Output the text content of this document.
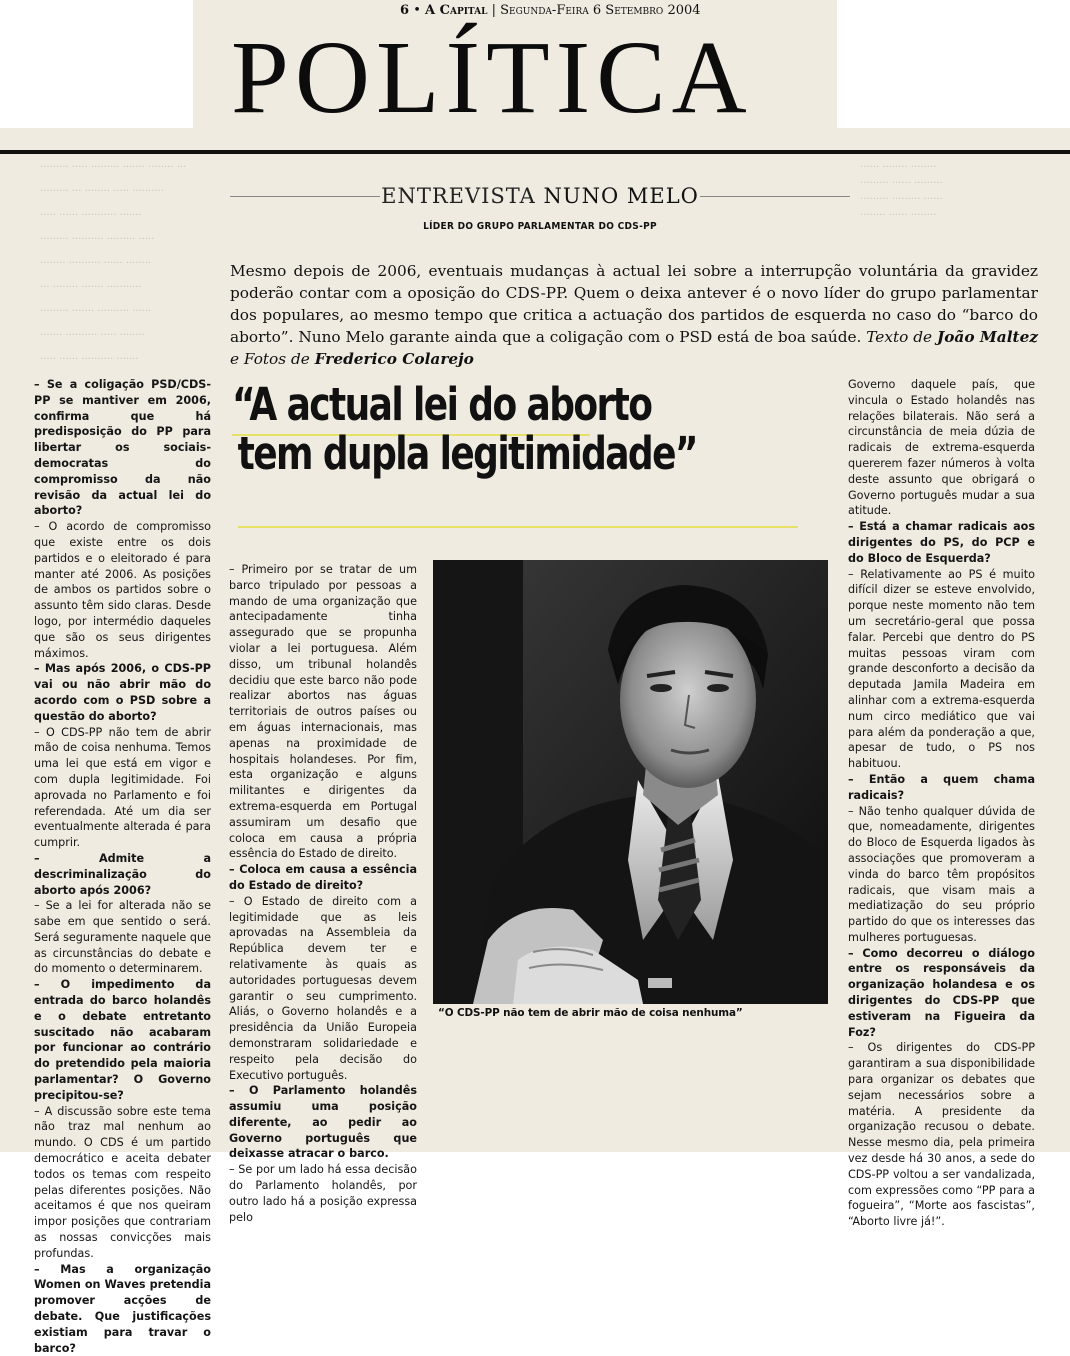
6 • A Capital | Segunda-Feira 6 Setembro 2004
POLÍTICA
··· ········ ······· ········· ····· ·········
·········· ····· ········ ··· ·········
······· ··········· ······ ·····
····· ········· ·········· ·········
········ ······ ·········· ········
··········· ······· ········ ···
······ ·········· ······· ·········
········ ····· ·········· ·······
······· ·········· ······ ·····
········ ········ ······
········· ······ ·········
······ ········· ·········
········ ······ ········
ENTREVISTA NUNO MELO
LÍDER DO GRUPO PARLAMENTAR DO CDS-PP
Mesmo depois de 2006, eventuais mudanças à actual lei sobre a interrupção voluntária da gravidez poderão contar com a oposição do CDS-PP. Quem o deixa antever é o novo líder do grupo parlamentar dos populares, ao mesmo tempo que critica a actuação dos partidos de esquerda no caso do “barco do aborto”. Nuno Melo garante ainda que a coligação com o PSD está de boa saúde. Texto de João Maltez e Fotos de Frederico Colarejo
“A actual lei do aborto
tem dupla legitimidade”

– Se a coligação PSD/CDS-PP se mantiver em 2006, confirma que há predisposição do PP para libertar os sociais-democratas do compromisso da não revisão da actual lei do aborto?

– O acordo de compromisso que existe entre os dois partidos e o eleitorado é para manter até 2006. As posições de ambos os partidos sobre o assunto têm sido claras. Desde logo, por intermédio daqueles que são os seus dirigentes máximos.

– Mas após 2006, o CDS-PP vai ou não abrir mão do acordo com o PSD sobre a questão do aborto?

– O CDS-PP não tem de abrir mão de coisa nenhuma. Temos uma lei que está em vigor e com dupla legitimidade. Foi aprovada no Parlamento e foi referendada. Até um dia ser eventualmente alterada é para cumprir.

– Admite a descriminalização do aborto após 2006?

– Se a lei for alterada não se sabe em que sentido o será. Será seguramente naquele que as circunstâncias do debate e do momento o determinarem.

– O impedimento da entrada do barco holandês e o debate entretanto suscitado não acabaram por funcionar ao contrário do pretendido pela maioria parlamentar? O Governo precipitou-se?

– A discussão sobre este tema não traz mal nenhum ao mundo. O CDS é um partido democrático e aceita debater todos os temas com respeito pelas diferentes posições. Não aceitamos é que nos queiram impor posições que contrariam as nossas convicções mais profundas.

– Mas a organização Women on Waves pretendia promover acções de debate. Que justificações existiam para travar o barco?

– Primeiro por se tratar de um barco tripulado por pessoas a mando de uma organização que antecipadamente tinha assegurado que se propunha violar a lei portuguesa. Além disso, um tribunal holandês decidiu que este barco não pode realizar abortos nas águas territoriais de outros países ou em águas internacionais, mas apenas na proximidade de hospitais holandeses. Por fim, esta organização e alguns militantes e dirigentes da extrema-esquerda em Portugal assumiram um desafio que coloca em causa a própria essência do Estado de direito.

– Coloca em causa a essência do Estado de direito?

– O Estado de direito com a legitimidade que as leis aprovadas na Assembleia da República devem ter e relativamente às quais as autoridades portuguesas devem garantir o seu cumprimento. Aliás, o Governo holandês e a presidência da União Europeia demonstraram solidariedade e respeito pela decisão do Executivo português.

– O Parlamento holandês assumiu uma posição diferente, ao pedir ao Governo português que deixasse atracar o barco.

– Se por um lado há essa decisão do Parlamento holandês, por outro lado há a posição expressa pelo

Governo daquele país, que vincula o Estado holandês nas relações bilaterais. Não será a circunstância de meia dúzia de radicais de extrema-esquerda quererem fazer números à volta deste assunto que obrigará o Governo português mudar a sua atitude.

– Está a chamar radicais aos dirigentes do PS, do PCP e do Bloco de Esquerda?

– Relativamente ao PS é muito difícil dizer se esteve envolvido, porque neste momento não tem um secretário-geral que possa falar. Percebi que dentro do PS muitas pessoas viram com grande desconforto a decisão da deputada Jamila Madeira em alinhar com a extrema-esquerda num circo mediático que vai para além da ponderação a que, apesar de tudo, o PS nos habituou.

– Então a quem chama radicais?

– Não tenho qualquer dúvida de que, nomeadamente, dirigentes do Bloco de Esquerda ligados às associações que promoveram a vinda do barco têm propósitos radicais, que visam mais a mediatização do seu próprio partido do que os interesses das mulheres portuguesas.

– Como decorreu o diálogo entre os responsáveis da organização holandesa e os dirigentes do CDS-PP que estiveram na Figueira da Foz?

– Os dirigentes do CDS-PP garantiram a sua disponibilidade para organizar os debates que sejam necessários sobre a matéria. A presidente da organização recusou o debate. Nesse mesmo dia, pela primeira vez desde há 30 anos, a sede do CDS-PP voltou a ser vandalizada, com expressões como “PP para a fogueira”, “Morte aos fascistas”, “Aborto livre já!”.

“O CDS-PP não tem de abrir mão de coisa nenhuma”
